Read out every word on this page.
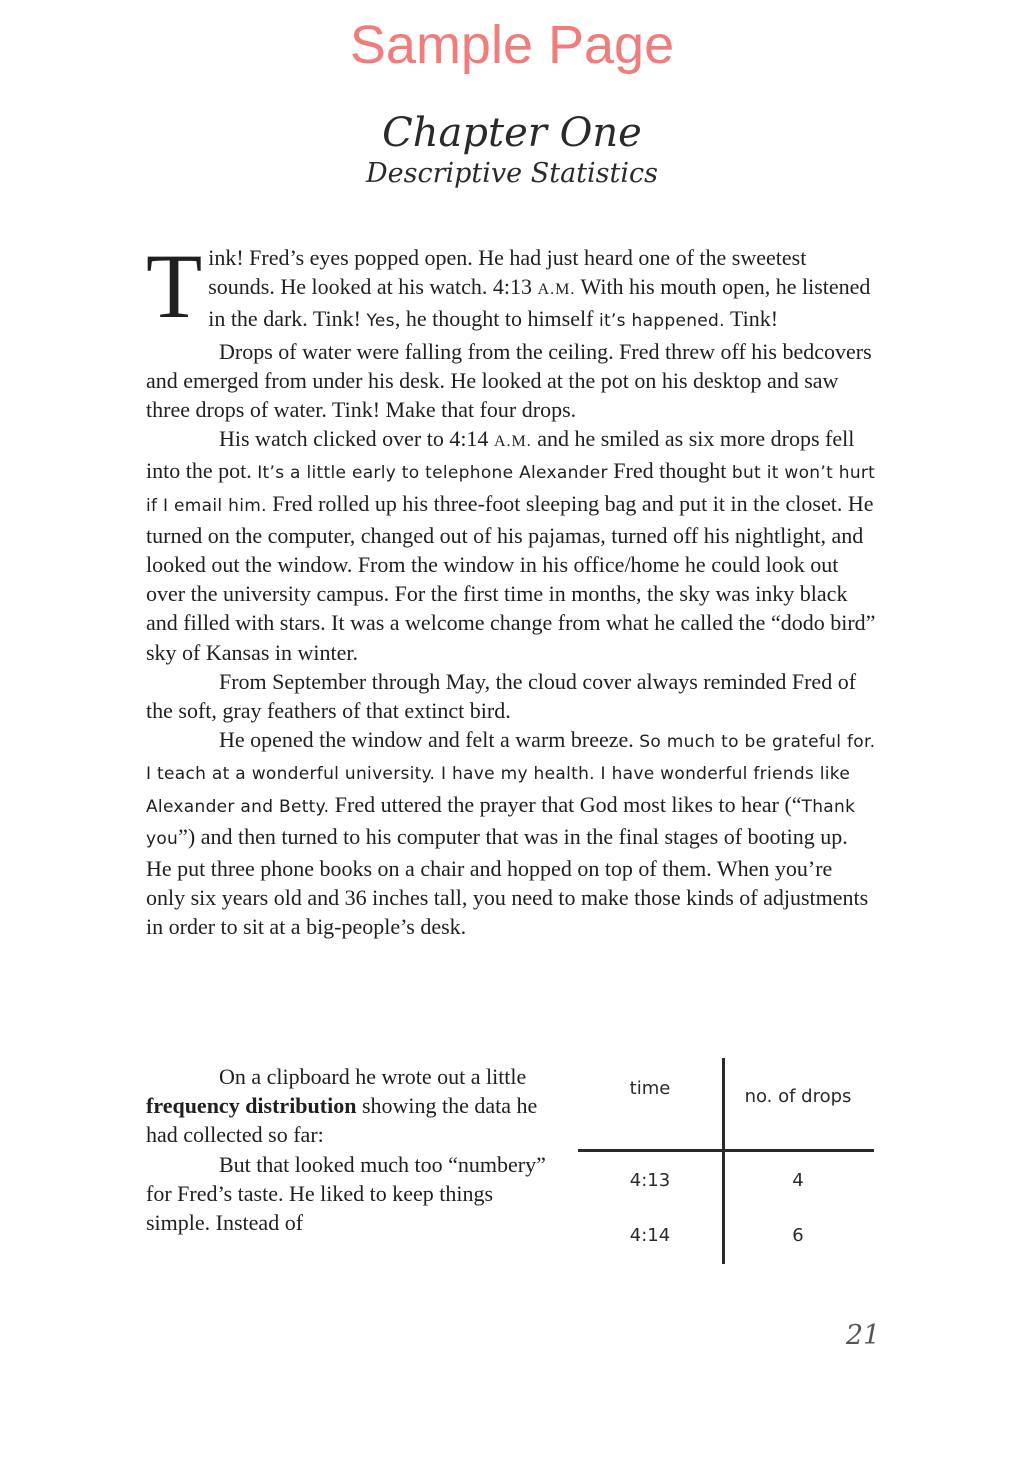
Sample Page
Chapter One
Descriptive Statistics

Tink! Fred’s eyes popped open. He had just heard one of the sweetest sounds. He looked at his watch. 4:13 A.M. With his mouth open, he listened in the dark. Tink! Yes, he thought to himself it’s happened. Tink!

Drops of water were falling from the ceiling. Fred threw off his bedcovers and emerged from under his desk. He looked at the pot on his desktop and saw three drops of water. Tink! Make that four drops.

His watch clicked over to 4:14 A.M. and he smiled as six more drops fell into the pot. It’s a little early to telephone Alexander Fred thought but it won’t hurt if I email him. Fred rolled up his three-foot sleeping bag and put it in the closet. He turned on the computer, changed out of his pajamas, turned off his nightlight, and looked out the window. From the window in his office/home he could look out over the university campus. For the first time in months, the sky was inky black and filled with stars. It was a welcome change from what he called the “dodo bird” sky of Kansas in winter.

From September through May, the cloud cover always reminded Fred of the soft, gray feathers of that extinct bird.

He opened the window and felt a warm breeze. So much to be grateful for. I teach at a wonderful university. I have my health. I have wonderful friends like Alexander and Betty. Fred uttered the prayer that God most likes to hear (“Thank you”) and then turned to his computer that was in the final stages of booting up. He put three phone books on a chair and hopped on top of them. When you’re only six years old and 36 inches tall, you need to make those kinds of adjustments in order to sit at a big-people’s desk.

On a clipboard he wrote out a little frequency distribution showing the data he had collected so far:

But that looked much too “numbery” for Fred’s taste. He liked to keep things simple. Instead of

time	no. of drops
4:13	4
4:14	6
21
